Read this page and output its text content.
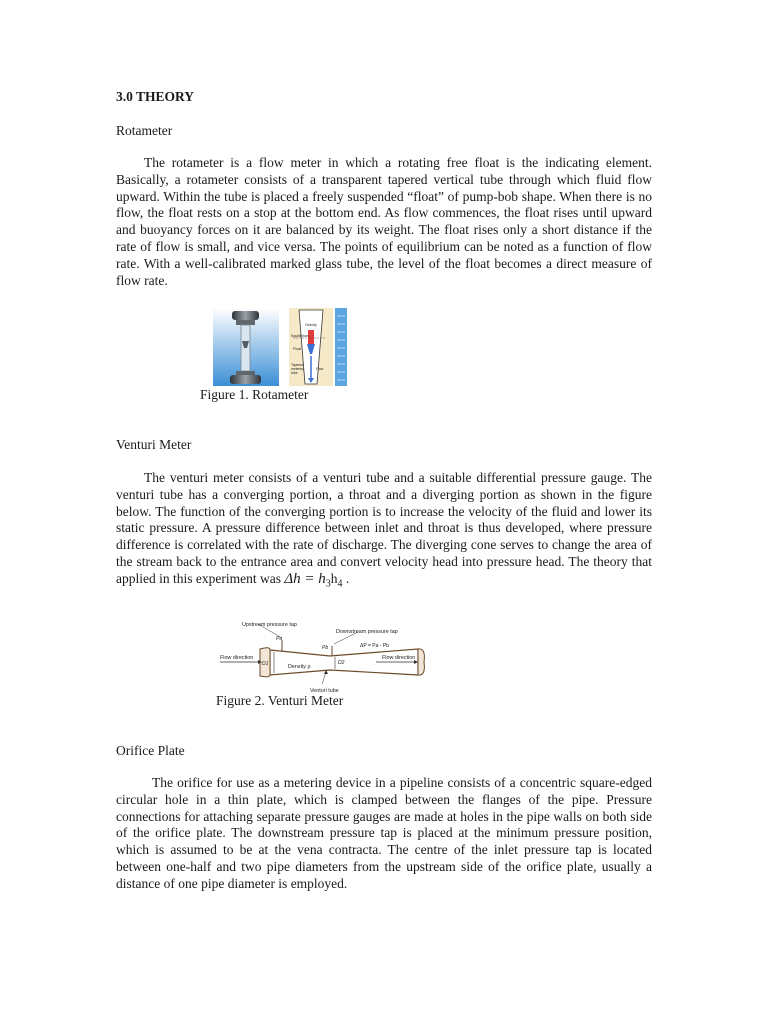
3.0 THEORY

Rotameter

The rotameter is a flow meter in which a rotating free float is the indicating element. Basically, a rotameter consists of a transparent tapered vertical tube through which fluid flow upward. Within the tube is placed a freely suspended “float” of pump-bob shape. When there is no flow, the float rests on a stop at the bottom end. As flow commences, the float rises until upward and buoyancy forces on it are balanced by its weight. The float rises only a short distance if the rate of flow is small, and vice versa. The points of equilibrium can be noted as a function of flow rate. With a well-calibrated marked glass tube, the level of the float becomes a direct measure of flow rate.

Gravity
Equilibrium
Float
Tapered
metering
tube
Flow

Figure 1. Rotameter

Venturi Meter

The venturi meter consists of a venturi tube and a suitable differential pressure gauge. The venturi tube has a converging portion, a throat and a diverging portion as shown in the figure below. The function of the converging portion is to increase the velocity of the fluid and lower its static pressure. A pressure difference between inlet and throat is thus developed, where pressure difference is correlated with the rate of discharge. The diverging cone serves to change the area of the stream back to the entrance area and convert velocity head into pressure head. The theory that applied in this experiment was $\Delta h = h_3h_4$ .

Upstream pressure tap
Downstream pressure tap
Pa
Pb	ΔP = Pa - Pb
Flow direction	Flow direction
D1	D2
Density ρ
Venturi tube

Figure 2. Venturi Meter

Orifice Plate

The orifice for use as a metering device in a pipeline consists of a concentric square-edged circular hole in a thin plate, which is clamped between the flanges of the pipe. Pressure connections for attaching separate pressure gauges are made at holes in the pipe walls on both side of the orifice plate. The downstream pressure tap is placed at the minimum pressure position, which is assumed to be at the vena contracta. The centre of the inlet pressure tap is located between one-half and two pipe diameters from the upstream side of the orifice plate, usually a distance of one pipe diameter is employed.
